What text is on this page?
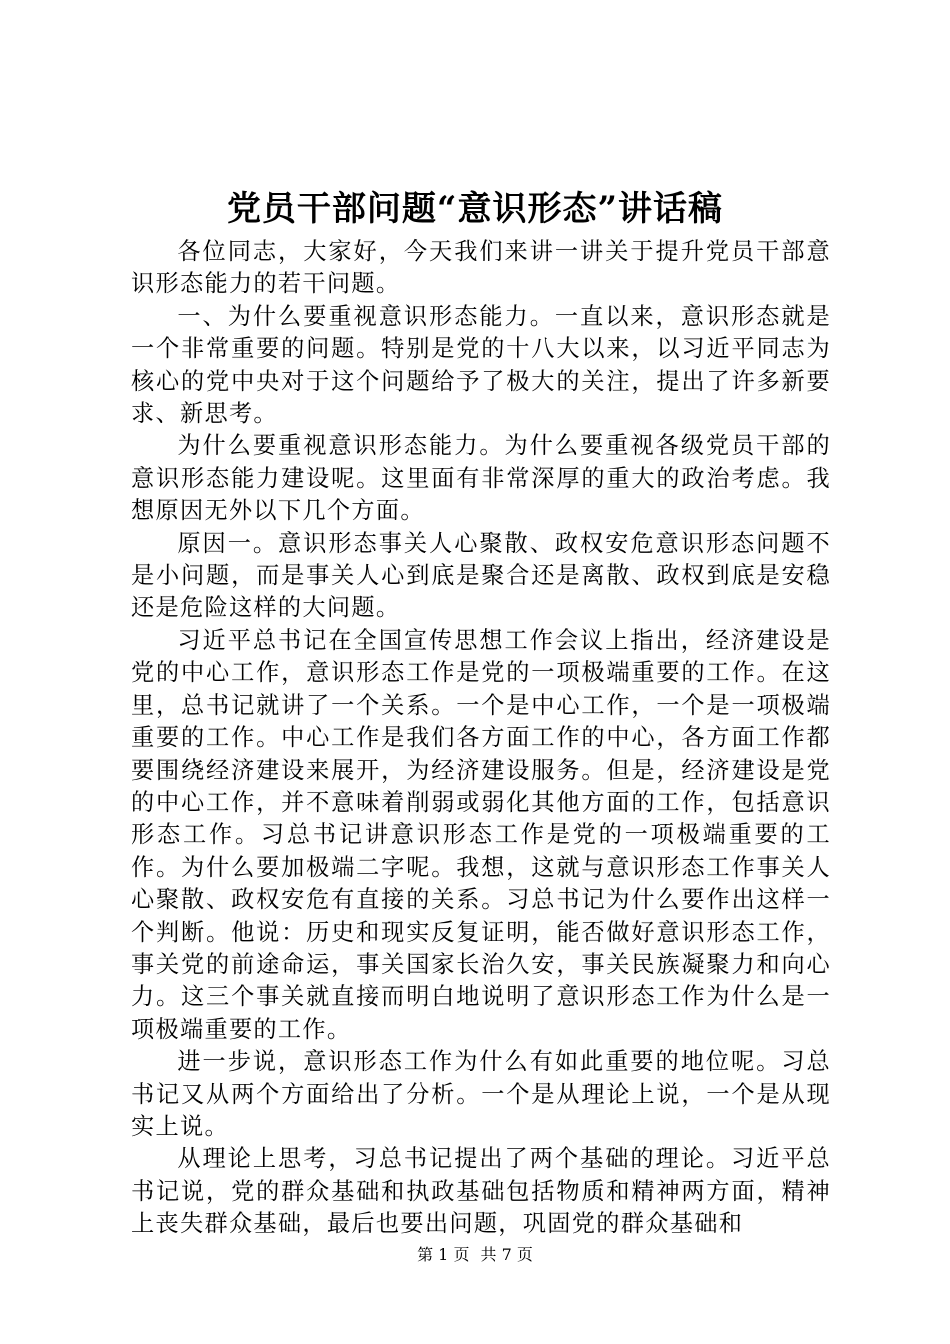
党员干部问题“意识形态”讲话稿

各位同志，大家好，今天我们来讲一讲关于提升党员干部意识形态能力的若干问题。

一、为什么要重视意识形态能力。一直以来，意识形态就是一个非常重要的问题。特别是党的十八大以来，以习近平同志为核心的党中央对于这个问题给予了极大的关注，提出了许多新要求、新思考。

为什么要重视意识形态能力。为什么要重视各级党员干部的意识形态能力建设呢。这里面有非常深厚的重大的政治考虑。我想原因无外以下几个方面。

原因一。意识形态事关人心聚散、政权安危意识形态问题不是小问题，而是事关人心到底是聚合还是离散、政权到底是安稳还是危险这样的大问题。

习近平总书记在全国宣传思想工作会议上指出，经济建设是党的中心工作，意识形态工作是党的一项极端重要的工作。在这里，总书记就讲了一个关系。一个是中心工作，一个是一项极端重要的工作。中心工作是我们各方面工作的中心，各方面工作都要围绕经济建设来展开，为经济建设服务。但是，经济建设是党的中心工作，并不意味着削弱或弱化其他方面的工作，包括意识形态工作。习总书记讲意识形态工作是党的一项极端重要的工作。为什么要加极端二字呢。我想，这就与意识形态工作事关人心聚散、政权安危有直接的关系。习总书记为什么要作出这样一个判断。他说：历史和现实反复证明，能否做好意识形态工作，事关党的前途命运，事关国家长治久安，事关民族凝聚力和向心力。这三个事关就直接而明白地说明了意识形态工作为什么是一项极端重要的工作。

进一步说，意识形态工作为什么有如此重要的地位呢。习总书记又从两个方面给出了分析。一个是从理论上说，一个是从现实上说。

从理论上思考，习总书记提出了两个基础的理论。习近平总书记说，党的群众基础和执政基础包括物质和精神两方面，精神上丧失群众基础，最后也要出问题，巩固党的群众基础和

第 1 页 共 7 页
